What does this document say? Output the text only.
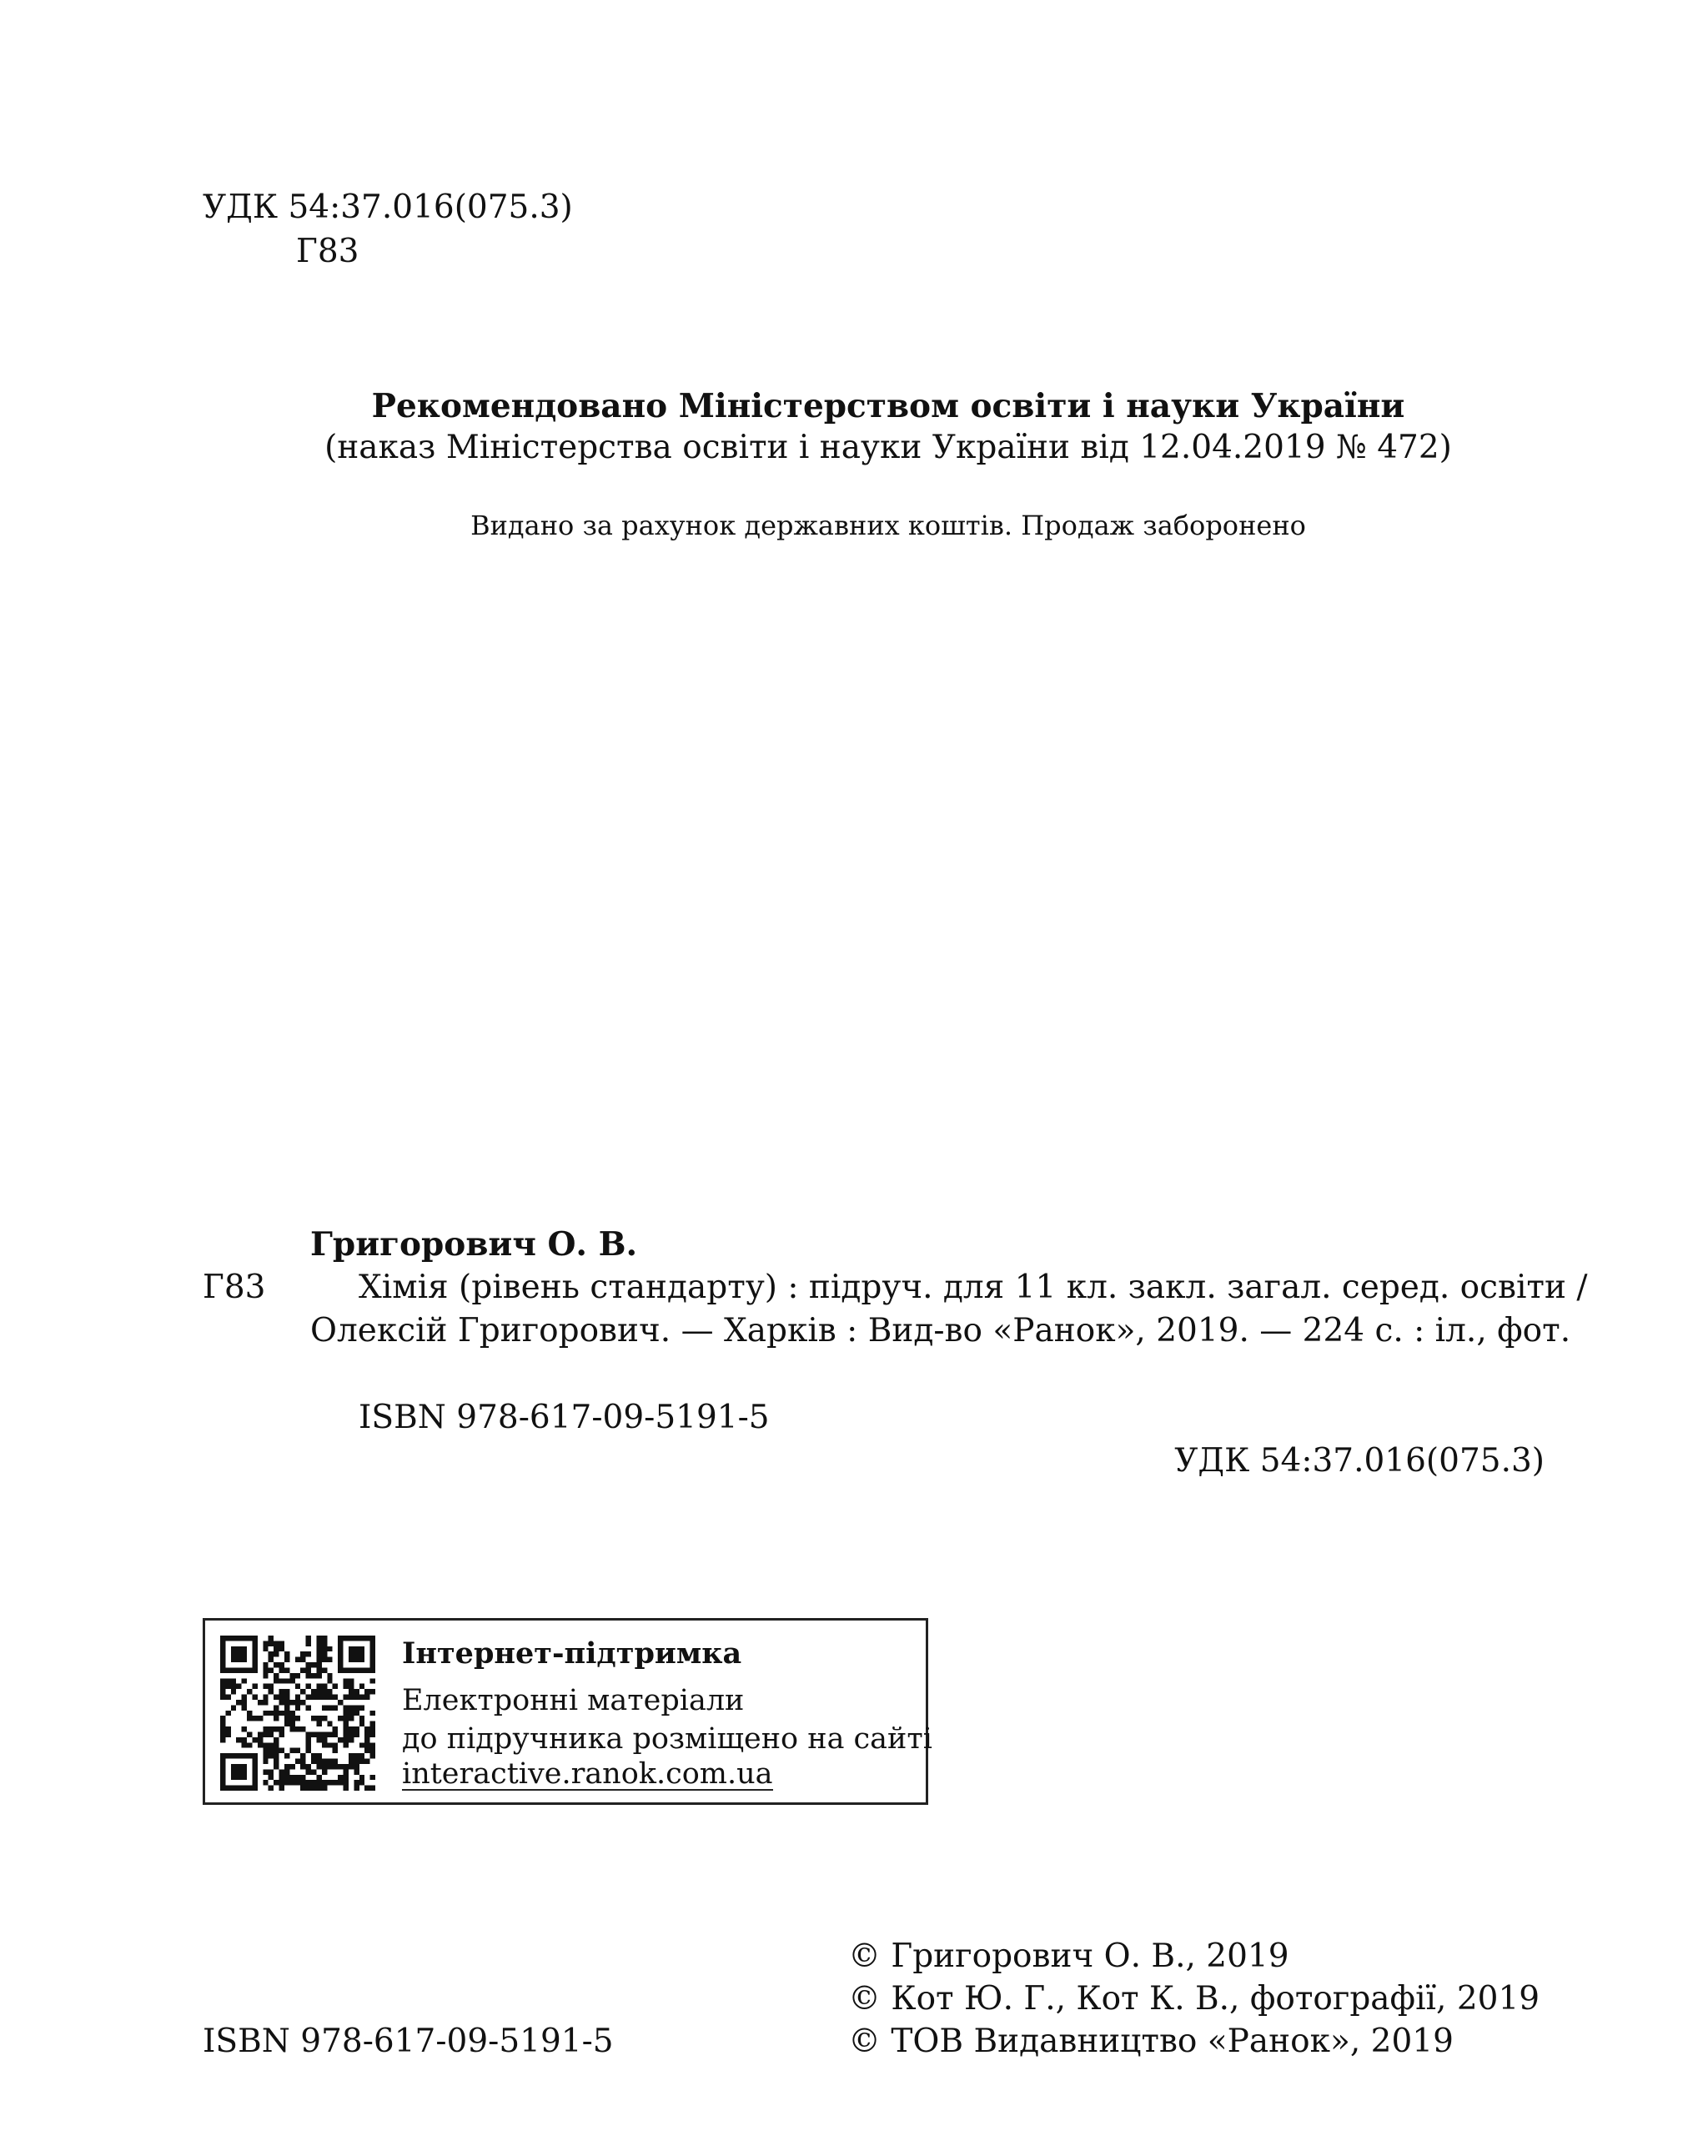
УДК 54:37.016(075.3)
Г83
Рекомендовано Міністерством освіти і науки України
(наказ Міністерства освіти і науки України від 12.04.2019 № 472)
Видано за рахунок державних коштів. Продаж заборонено
Григорович О. В.
Г83	Хімія (рівень стандарту) : підруч. для 11 кл. закл. загал. серед. освіти /
Олексій Григорович. — Харків : Вид-во «Ранок», 2019. — 224 с. : іл., фот.
ISBN 978-617-09-5191-5
УДК 54:37.016(075.3)
Інтернет-підтримка
Електронні матеріали
до підручника розміщено на сайті
interactive.ranok.com.ua
ISBN 978-617-09-5191-5
© Григорович О. В., 2019
© Кот Ю. Г., Кот К. В., фотографії, 2019
© ТОВ Видавництво «Ранок», 2019
